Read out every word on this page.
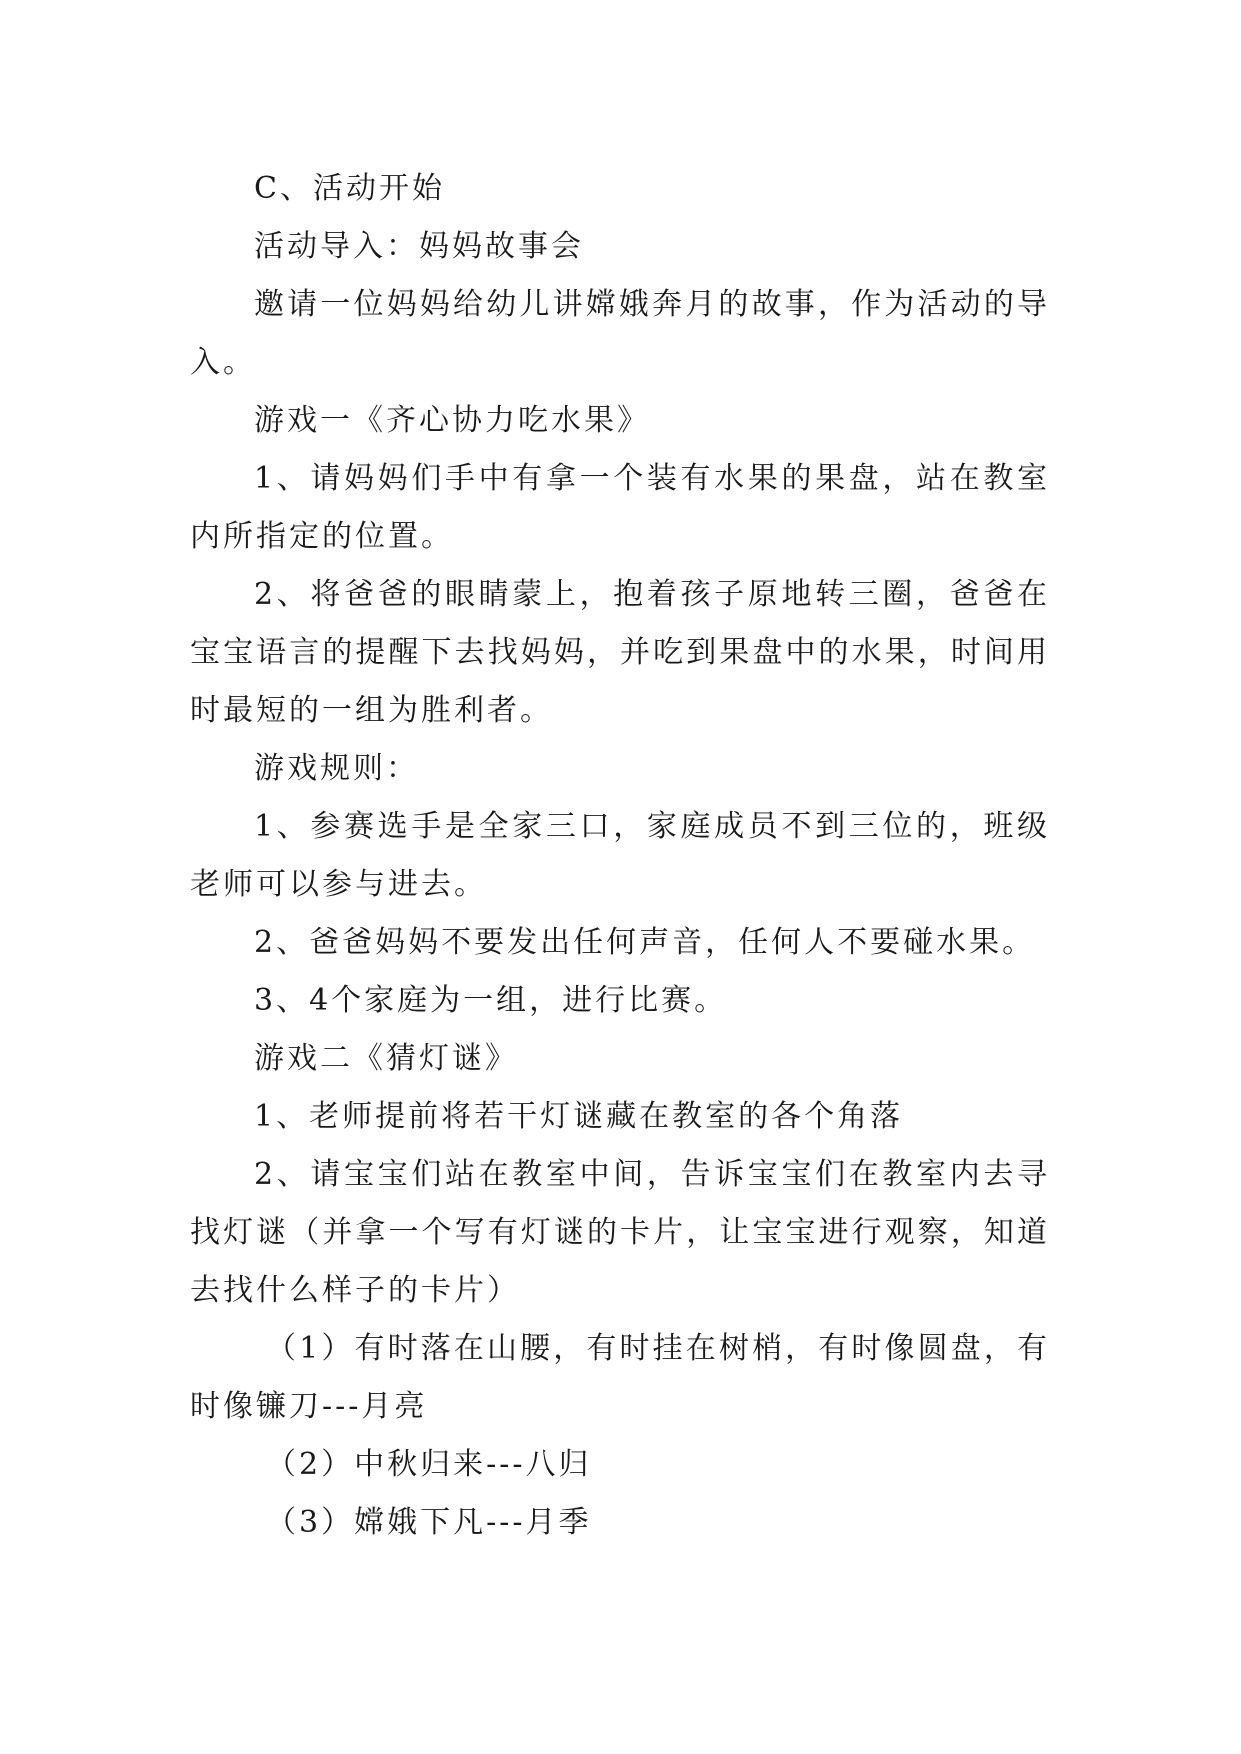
C、活动开始

活动导入：妈妈故事会

邀请一位妈妈给幼儿讲嫦娥奔月的故事，作为活动的导入。

游戏一《齐心协力吃水果》

1、请妈妈们手中有拿一个装有水果的果盘，站在教室内所指定的位置。

2、将爸爸的眼睛蒙上，抱着孩子原地转三圈，爸爸在宝宝语言的提醒下去找妈妈，并吃到果盘中的水果，时间用时最短的一组为胜利者。

游戏规则：

1、参赛选手是全家三口，家庭成员不到三位的，班级老师可以参与进去。

2、爸爸妈妈不要发出任何声音，任何人不要碰水果。

3、4个家庭为一组，进行比赛。

游戏二《猜灯谜》

1、老师提前将若干灯谜藏在教室的各个角落

2、请宝宝们站在教室中间，告诉宝宝们在教室内去寻找灯谜（并拿一个写有灯谜的卡片，让宝宝进行观察，知道去找什么样子的卡片）

（1）有时落在山腰，有时挂在树梢，有时像圆盘，有时像镰刀---月亮

（2）中秋归来---八归

（3）嫦娥下凡---月季
